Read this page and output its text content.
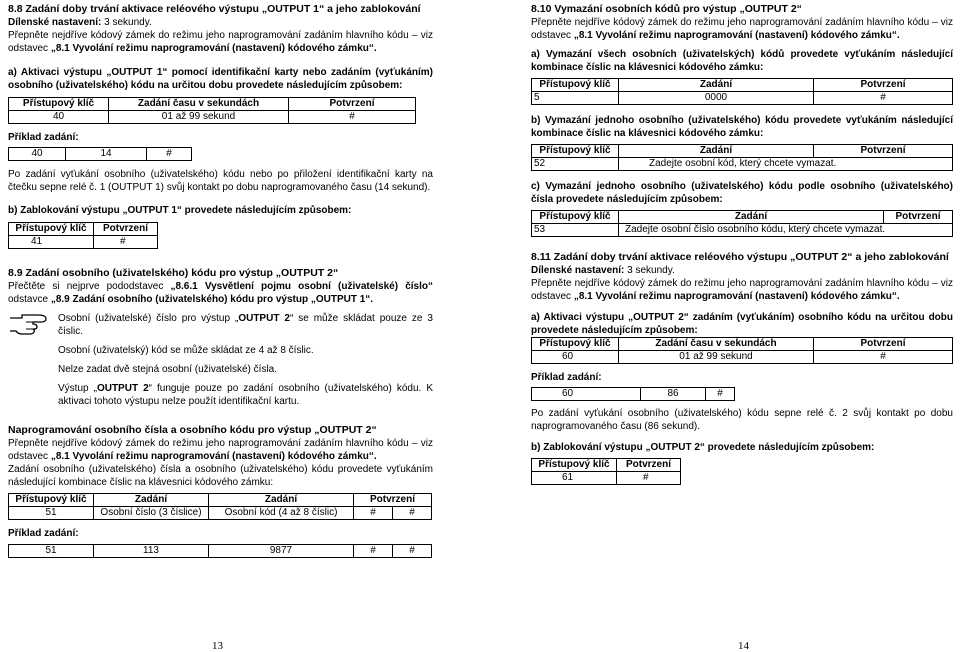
8.8 Zadání doby trvání aktivace reléového výstupu „OUTPUT 1“ a jeho zablokování

Dílenské nastavení: 3 sekundy.

Přepněte nejdříve kódový zámek do režimu jeho naprogramování zadáním hlavního kódu – viz odstavec „8.1 Vyvolání režimu naprogramování (nastavení) kódového zámku“.

a) Aktivaci výstupu „OUTPUT 1“ pomocí identifikační karty nebo zadáním (vyťukáním) osobního (uživatelského) kódu na určitou dobu provedete následujícím způsobem:

Přístupový klíč	Zadání času v sekundách	Potvrzení
40	01 až 99 sekund	#

Příklad zadání:

40	14	#

Po zadání vyťukání osobního (uživatelského) kódu nebo po přiložení identifikační karty na čtečku sepne relé č. 1 (OUTPUT 1) svůj kontakt po dobu naprogramovaného času (14 sekund).

b) Zablokování výstupu „OUTPUT 1“ provedete následujícím způsobem:

Přístupový klíč	Potvrzení
41	#

8.9 Zadání osobního (uživatelského) kódu pro výstup „OUTPUT 2“

Přečtěte si nejprve pododstavec „8.6.1 Vysvětlení pojmu osobní (uživatelské) číslo“ odstavce „8.9 Zadání osobního (uživatelského) kódu pro výstup „OUTPUT 1“.

Osobní (uživatelské) číslo pro výstup „OUTPUT 2“ se může skládat pouze ze 3 číslic.

Osobní (uživatelský) kód se může skládat ze 4 až 8 číslic.

Nelze zadat dvě stejná osobní (uživatelské) čísla.

Výstup „OUTPUT 2“ funguje pouze po zadání osobního (uživatelského) kódu. K aktivaci tohoto výstupu nelze použít identifikační kartu.

Naprogramování osobního čísla a osobního kódu pro výstup „OUTPUT 2“

Přepněte nejdříve kódový zámek do režimu jeho naprogramování zadáním hlavního kódu – viz odstavec „8.1 Vyvolání režimu naprogramování (nastavení) kódového zámku“.

Zadání osobního (uživatelského) čísla a osobního (uživatelského) kódu provedete vyťukáním následující kombinace číslic na klávesnici kódového zámku:

Přístupový klíč	Zadání	Zadání	Potvrzení	
51	Osobní číslo (3 číslice)	Osobní kód (4 až 8 číslic)	#	#

Příklad zadání:

51	113	9877	#	#
13

8.10 Vymazání osobních kódů pro výstup „OUTPUT 2“

Přepněte nejdříve kódový zámek do režimu jeho naprogramování zadáním hlavního kódu – viz odstavec „8.1 Vyvolání režimu naprogramování (nastavení) kódového zámku“.

a) Vymazání všech osobních (uživatelských) kódů provedete vyťukáním následující kombinace číslic na klávesnici kódového zámku:

Přístupový klíč	Zadání	Potvrzení
5	0000	#

b) Vymazání jednoho osobního (uživatelského) kódu provedete vyťukáním následující kombinace číslic na klávesnici kódového zámku:

Přístupový klíč	Zadání	Potvrzení
52	Zadejte osobní kód, který chcete vymazat.	

c) Vymazání jednoho osobního (uživatelského) kódu podle osobního (uživatelského) čísla provedete následujícím způsobem:

Přístupový klíč	Zadání	Potvrzení
53	Zadejte osobní číslo osobního kódu, který chcete vymazat.	

8.11 Zadání doby trvání aktivace reléového výstupu „OUTPUT 2“ a jeho zablokování

Dílenské nastavení: 3 sekundy.

Přepněte nejdříve kódový zámek do režimu jeho naprogramování zadáním hlavního kódu – viz odstavec „8.1 Vyvolání režimu naprogramování (nastavení) kódového zámku“.

a) Aktivaci výstupu „OUTPUT 2“ zadáním (vyťukáním) osobního kódu na určitou dobu provedete následujícím způsobem:

Přístupový klíč	Zadání času v sekundách	Potvrzení
60	01 až 99 sekund	#

Příklad zadání:

60	86	#

Po zadání vyťukání osobního (uživatelského) kódu sepne relé č. 2 svůj kontakt po dobu naprogramovaného času (86 sekund).

b) Zablokování výstupu „OUTPUT 2“ provedete následujícím způsobem:

Přístupový klíč	Potvrzení
61	#
14
